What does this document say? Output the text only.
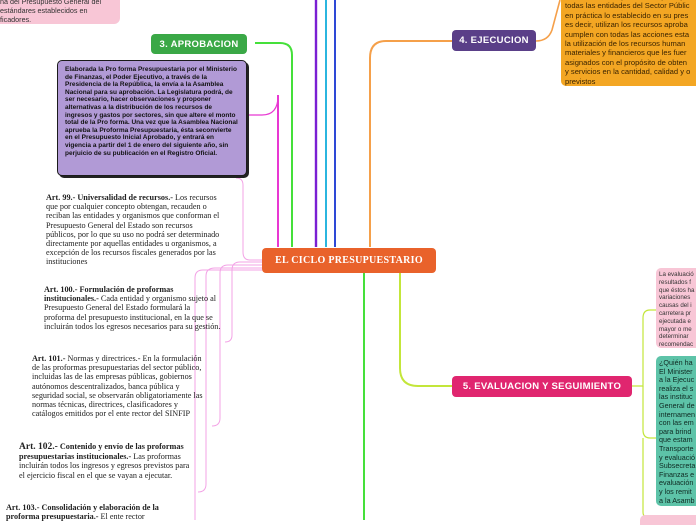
na del Presupuesto General del
estándares establecidos en
ficadores.
EL CICLO PRESUPUESTARIO
3. APROBACION
Elaborada la Pro forma Presupuestaria por el Ministerio de Finanzas, el Poder Ejecutivo, a través de la Presidencia de la República, la envía a la Asamblea Nacional para su aprobación. La Legislatura podrá, de ser necesario, hacer observaciones y proponer alternativas a la distribución de los recursos de ingresos y gastos por sectores, sin que altere el monto total de la Pro forma. Una vez que la Asamblea Nacional aprueba la Proforma Presupuestaria, ésta seconvierte en el Presupuesto Inicial Aprobado, y entrará en vigencia a partir del 1 de enero del siguiente año, sin perjuicio de su publicación en el Registro Oficial.
4. EJECUCION
todas las entidades del Sector Públic
en práctica lo establecido en su pres
es decir, utilizan los recursos aproba
cumplen con todas las acciones esta
la utilización de los recursos human
materiales y financieros que les fuer
asignados con el propósito de obten
y servicios en la cantidad, calidad y o
previstos
5. EVALUACION Y SEGUIMIENTO
La evaluació
resultados f
que éstos ha
variaciones
causas del i
carretera pr
ejecutada e
mayor o me
determinar
recomendac
¿Quién ha
El Minister
a la Ejecuc
realiza el s
las instituc
General de
internamen
con las em
para brind
que estam
Transporte
y evaluació
Subsecreta
Finanzas e
evaluación
y los remit
a la Asamb
Art. 99.- Universalidad de recursos.- Los recursos que por cualquier concepto obtengan, recauden o reciban las entidades y organismos que conforman el Presupuesto General del Estado son recursos públicos, por lo que su uso no podrá ser determinado directamente por aquellas entidades u organismos, a excepción de los recursos fiscales generados por las instituciones
Art. 100.- Formulación de proformas institucionales.- Cada entidad y organismo sujeto al Presupuesto General del Estado formulará la proforma del presupuesto institucional, en la que se incluirán todos los egresos necesarios para su gestión.
Art. 101.- Normas y directrices.- En la formulación de las proformas presupuestarias del sector público, incluidas las de las empresas públicas, gobiernos autónomos descentralizados, banca pública y seguridad social, se observarán obligatoriamente las normas técnicas, directrices, clasificadores y catálogos emitidos por el ente rector del SINFIP
Art. 102.- Contenido y envío de las proformas presupuestarias institucionales.- Las proformas incluirán todos los ingresos y egresos previstos para el ejercicio fiscal en el que se vayan a ejecutar.
Art. 103.- Consolidación y elaboración de la proforma presupuestaria.- El ente rector
